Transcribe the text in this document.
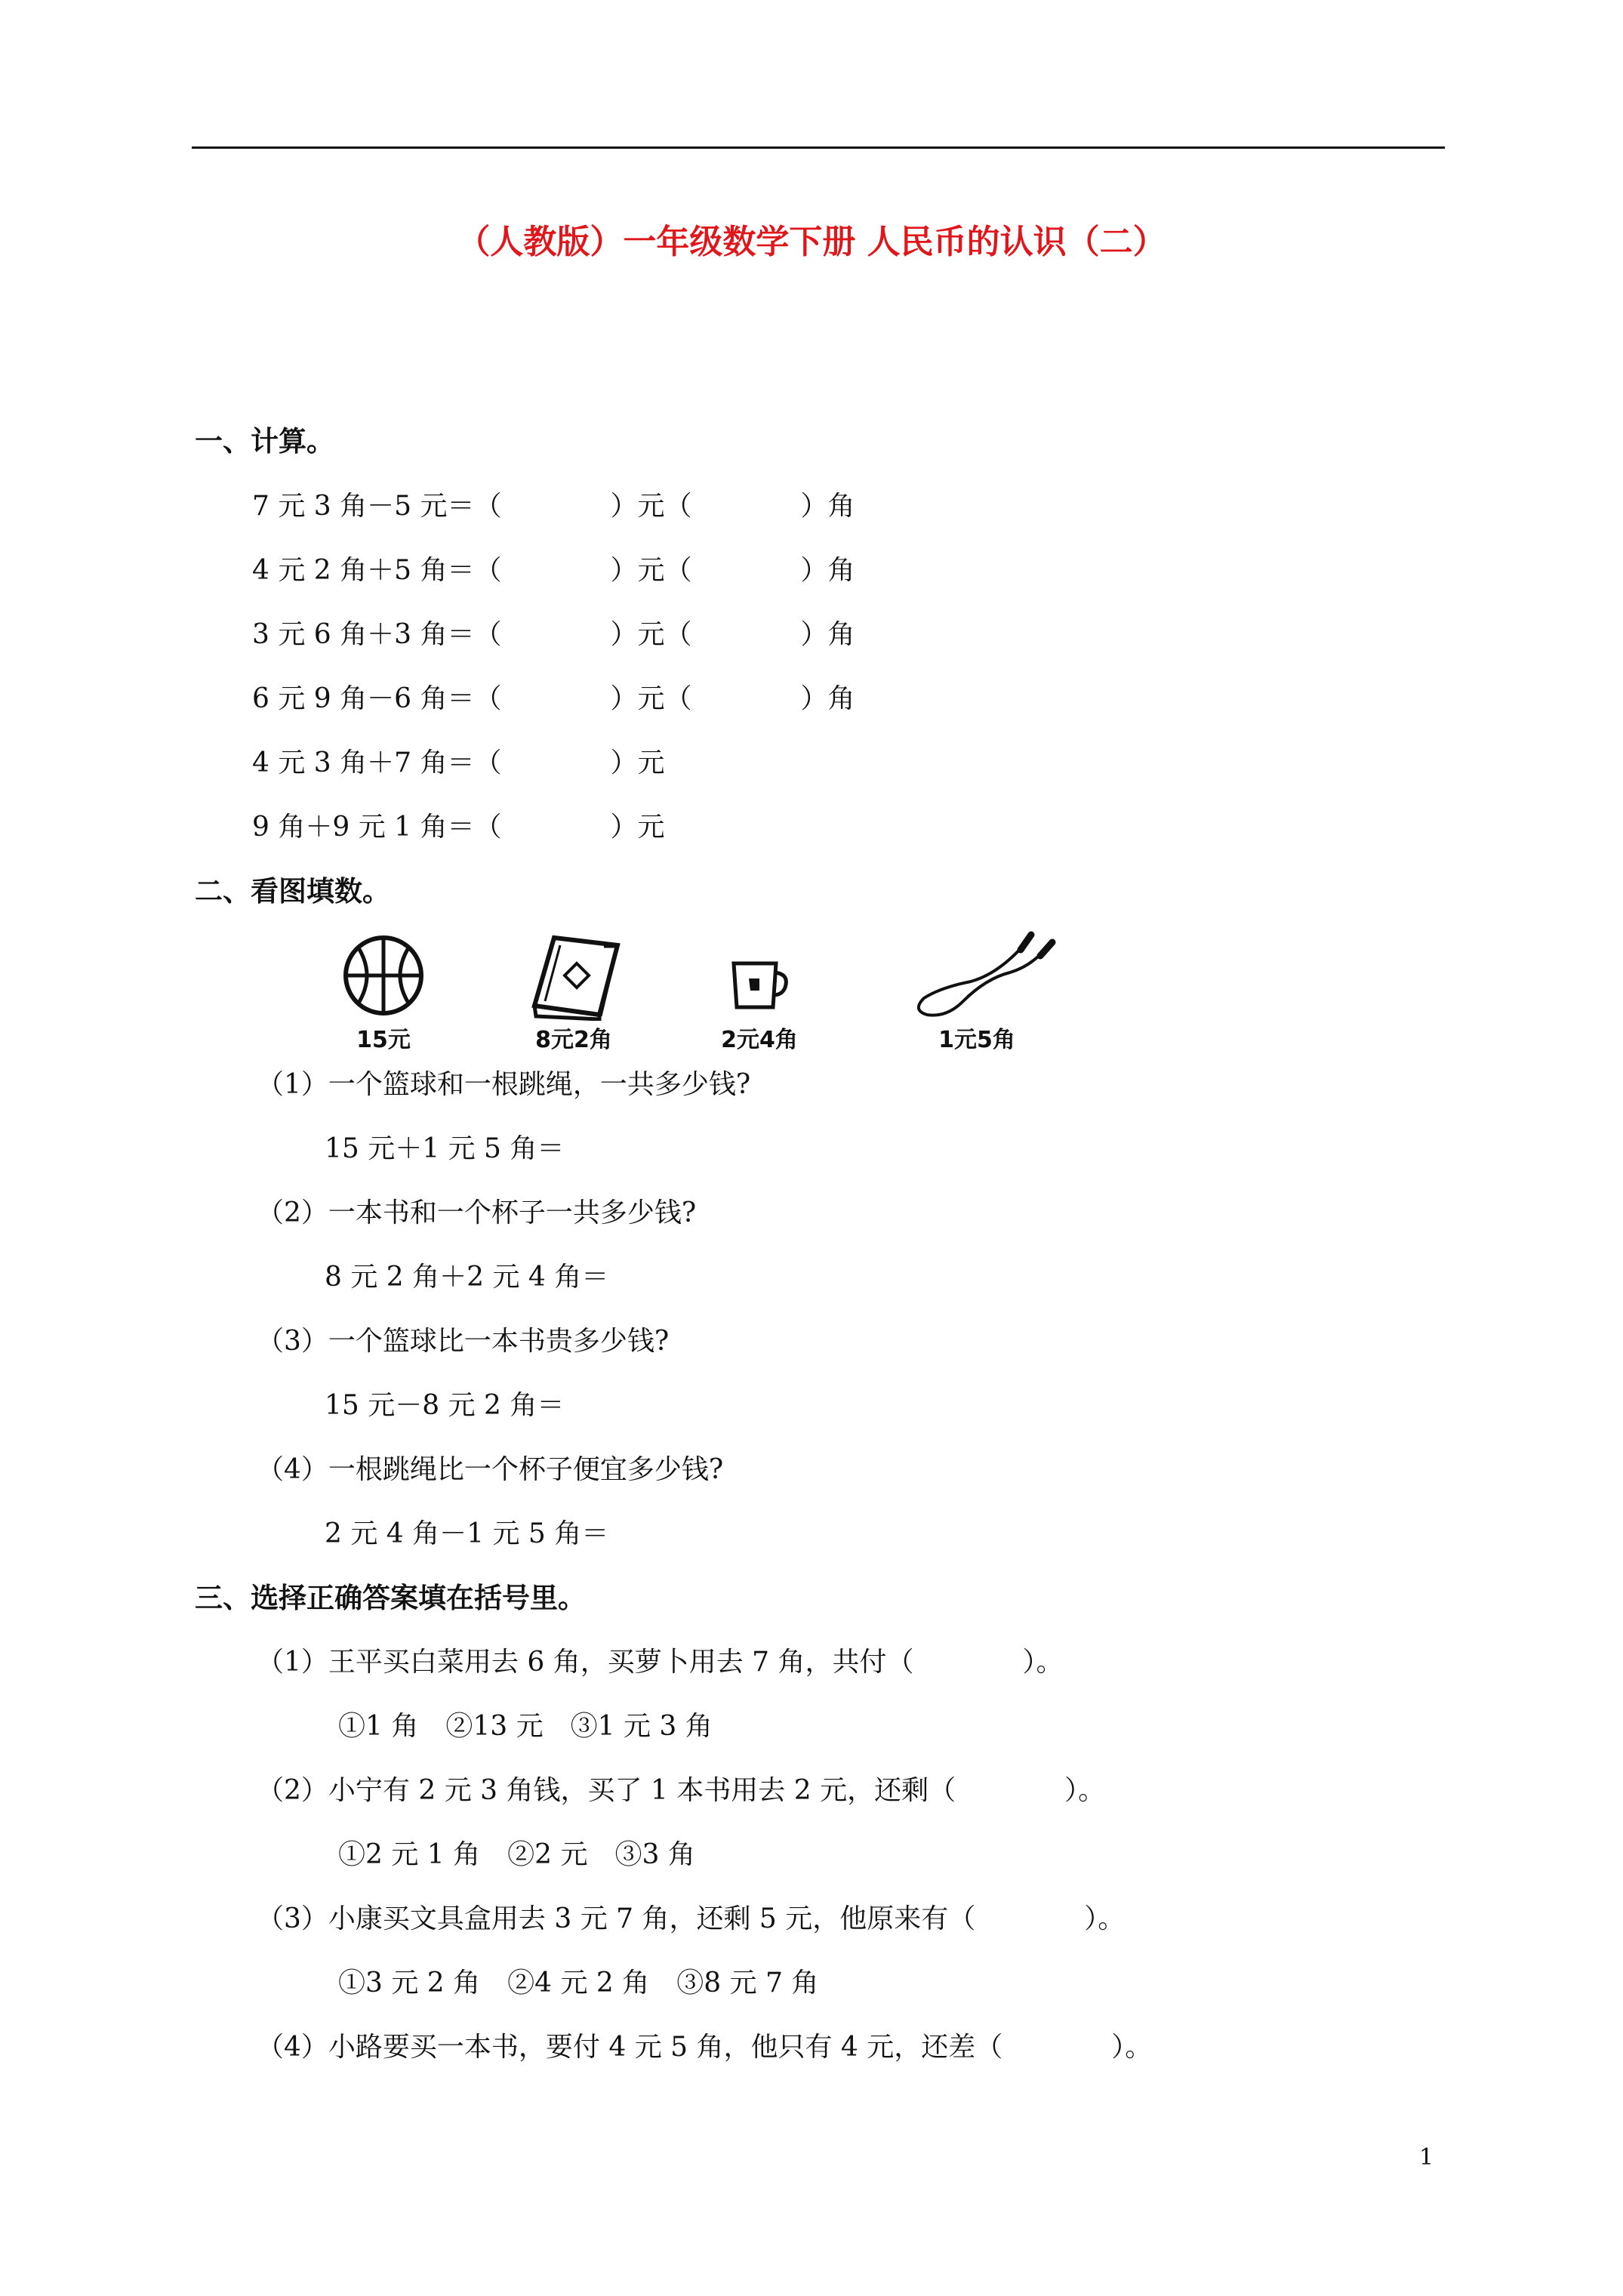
（人教版）一年级数学下册 人民币的认识（二）
一、计算。
7 元 3 角－5 元＝（　　　　）元（　　　　）角
4 元 2 角＋5 角＝（　　　　）元（　　　　）角
3 元 6 角＋3 角＝（　　　　）元（　　　　）角
6 元 9 角－6 角＝（　　　　）元（　　　　）角
4 元 3 角＋7 角＝（　　　　）元
9 角＋9 元 1 角＝（　　　　）元
二、看图填数。
15元	8元2角	2元4角	1元5角
（1）一个篮球和一根跳绳，一共多少钱?
15 元＋1 元 5 角＝
（2）一本书和一个杯子一共多少钱?
8 元 2 角＋2 元 4 角＝
（3）一个篮球比一本书贵多少钱?
15 元－8 元 2 角＝
（4）一根跳绳比一个杯子便宜多少钱?
2 元 4 角－1 元 5 角＝
三、选择正确答案填在括号里。
（1）王平买白菜用去 6 角，买萝卜用去 7 角，共付（　　　　）。
①1 角　②13 元　③1 元 3 角
（2）小宁有 2 元 3 角钱，买了 1 本书用去 2 元，还剩（　　　　）。
①2 元 1 角　②2 元　③3 角
（3）小康买文具盒用去 3 元 7 角，还剩 5 元，他原来有（　　　　）。
①3 元 2 角　②4 元 2 角　③8 元 7 角
（4）小路要买一本书，要付 4 元 5 角，他只有 4 元，还差（　　　　）。
1
